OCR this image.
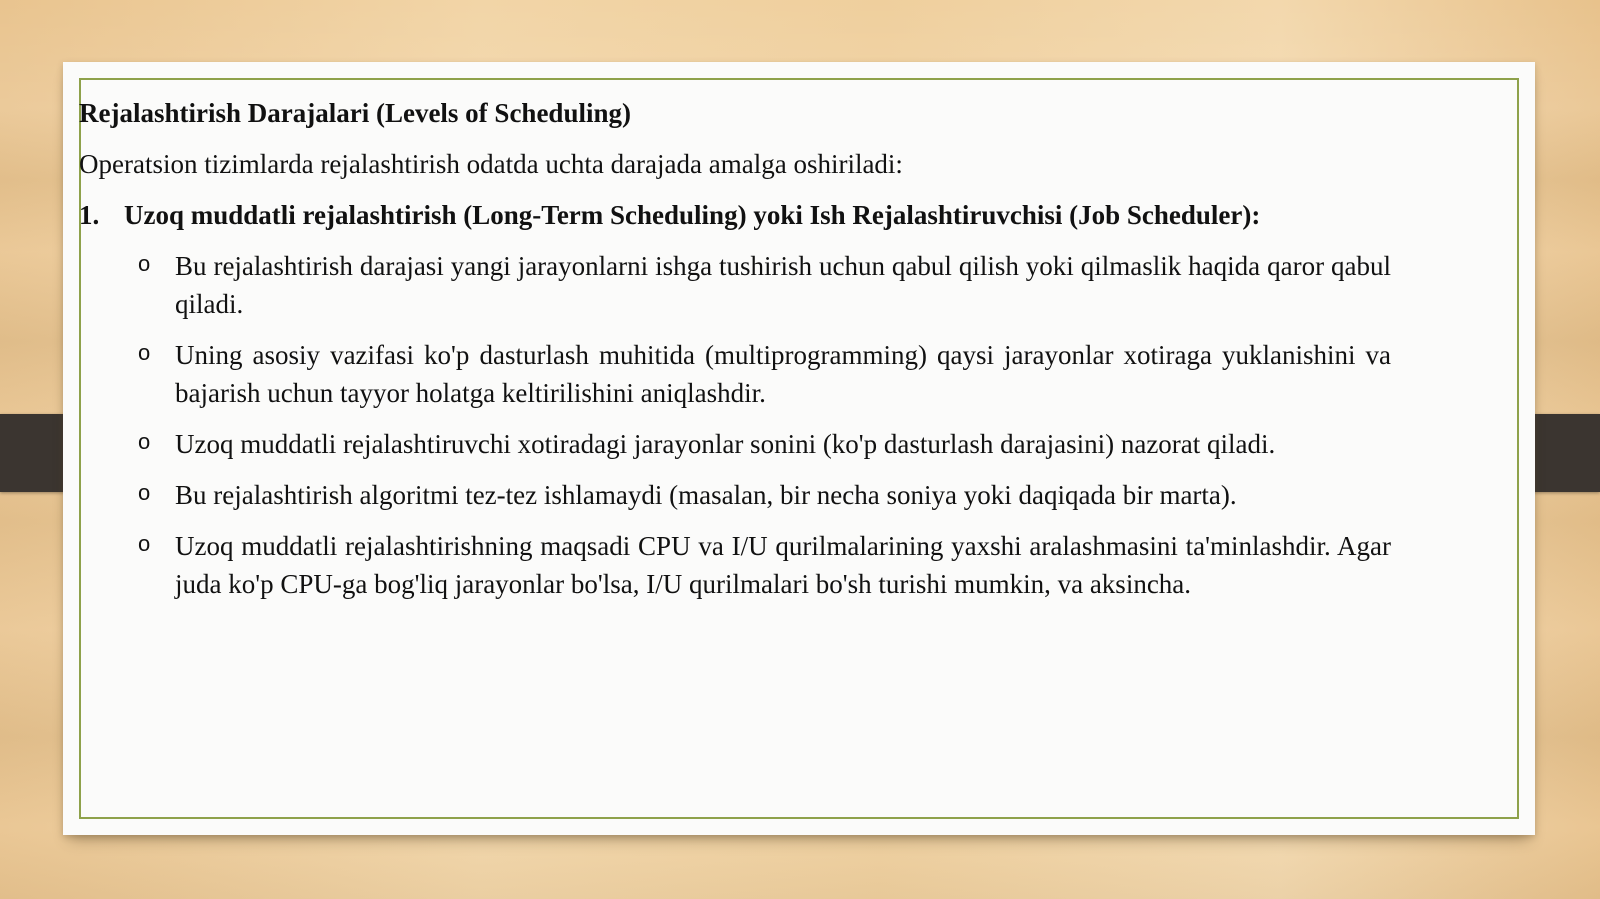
Rejalashtirish Darajalari (Levels of Scheduling)
Operatsion tizimlarda rejalashtirish odatda uchta darajada amalga oshiriladi:
1. Uzoq muddatli rejalashtirish (Long-Term Scheduling) yoki Ish Rejalashtiruvchisi (Job Scheduler):
o Bu rejalashtirish darajasi yangi jarayonlarni ishga tushirish uchun qabul qilish yoki qilmaslik haqida qaror qabul qiladi.
o Uning asosiy vazifasi ko'p dasturlash muhitida (multiprogramming) qaysi jarayonlar xotiraga yuklanishini va bajarish uchun tayyor holatga keltirilishini aniqlashdir.
o Uzoq muddatli rejalashtiruvchi xotiradagi jarayonlar sonini (ko'p dasturlash darajasini) nazorat qiladi.
o Bu rejalashtirish algoritmi tez-tez ishlamaydi (masalan, bir necha soniya yoki daqiqada bir marta).
o Uzoq muddatli rejalashtirishning maqsadi CPU va I/U qurilmalarining yaxshi aralashmasini ta'minlashdir. Agar juda ko'p CPU-ga bog'liq jarayonlar bo'lsa, I/U qurilmalari bo'sh turishi mumkin, va aksincha.
